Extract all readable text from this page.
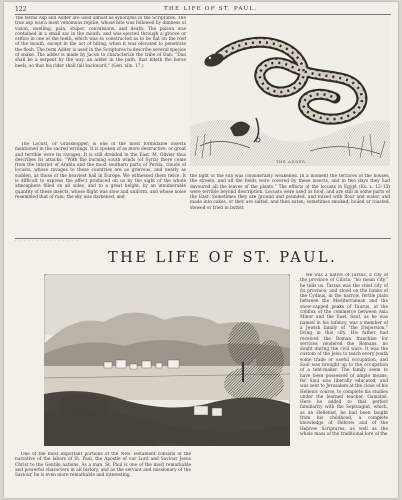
122	THE LIFE OF ST. PAUL.

The terms Asp and Adder are used almost as synonyms in the Scriptures. The true asp was a most venomous reptile, whose bite was followed by dimness of vision, swelling, pain, stupor, convulsions, and death. The poison was contained in a small sac in the mouth, and was ejected through a groove or orifice in one of the teeth, which was so constructed as to be flat on the roof of the mouth, except in the act of biting, when it was elevated to penetrate the flesh. The term Adder is used in the Scriptures to describe several species of snake. The adder is made by Jacob to characterize the tribe of Dan: “Dan shall be a serpent by the way, an adder in the path, that biteth the horse heels, so that his rider shall fall backward.” (Gen. xlix. 17.)

The Locust, or Grasshopper, is one of the most formidable insects mentioned in the sacred writings. It is spoken of as more destructive, or great and terrible were its ravages. It is still dreaded in the East. M. Olivier thus describes its attacks: “With the burning south winds (of Syria) there come from the interior of Arabia and the most southern parts of Persia, clouds of locusts, whose ravages to these countries are as grievous, and nearly as sudden, as those of the heaviest hail in Europe. We witnessed them twice. It is difficult to express the effect produced on us by the sight of the whole atmosphere filled on all sides, and to a great height, by an innumerable quantity of these insects, whose flight was slow and uniform, and whose noise resembled that of rain; the sky was darkened, and

the light of the sun was considerably weakened. In a moment the terraces of the houses, the streets, and all the fields were covered by these insects, and in two days they had devoured all the leaves of the plants.” The effects of the locusts in Egypt (Ex. x. 12–15) were terrible beyond description. Locusts were used as food, and are still in some parts of the East. Sometimes they are ground and pounded, and mixed with flour and water, and made into cakes, or they are salted, and then eaten; sometimes smoked, boiled or roasted, stewed or fried in butter.

THE ADDER.
- - - - - - - - - - - - - - -
THE LIFE OF ST. PAUL.
TARSUS.

He was a native of Tarsus, a city of the province of Cilicia, “no mean city,” he tells us. Tarsus was the chief city of its province, and stood on the banks of the Cydnus, in the narrow, fertile plain between the Mediterranean and the snow-capped peaks of Taurus, at the conflux of the commerce between Asia Minor and the East. Saul, as he was named in his infancy, was a member of a Jewish family of “the Dispersion,” living in this city. His father had received the Roman franchise for services rendered the Romans, no doubt during the civil wars. It was the custom of the Jews to teach every youth some trade or useful occupation, and Saul was brought up to the occupation of a tent-maker. The family seem to have been possessed of ample means, for Saul was liberally educated, and was sent to Jerusalem at the close of his Hellenic course, to complete his studies under the learned teacher, Gamaliel. Here he added to that perfect familiarity with the Septuagint, which, as an Hellenist, he had been taught from his childhood, a complete knowledge of Hebrew and of the Hebrew Scriptures, as well as the whole mass of the traditional lore of the

One of the most important portions of the New Testament consists of the narrative of the labors of St. Paul, the Apostle of our Lord and Saviour Jesus Christ to the Gentile nations. As a man, St. Paul is one of the most remarkable and powerful characters in all history, and as the servant and missionary of the Saviour, he is even more remarkable and interesting.
